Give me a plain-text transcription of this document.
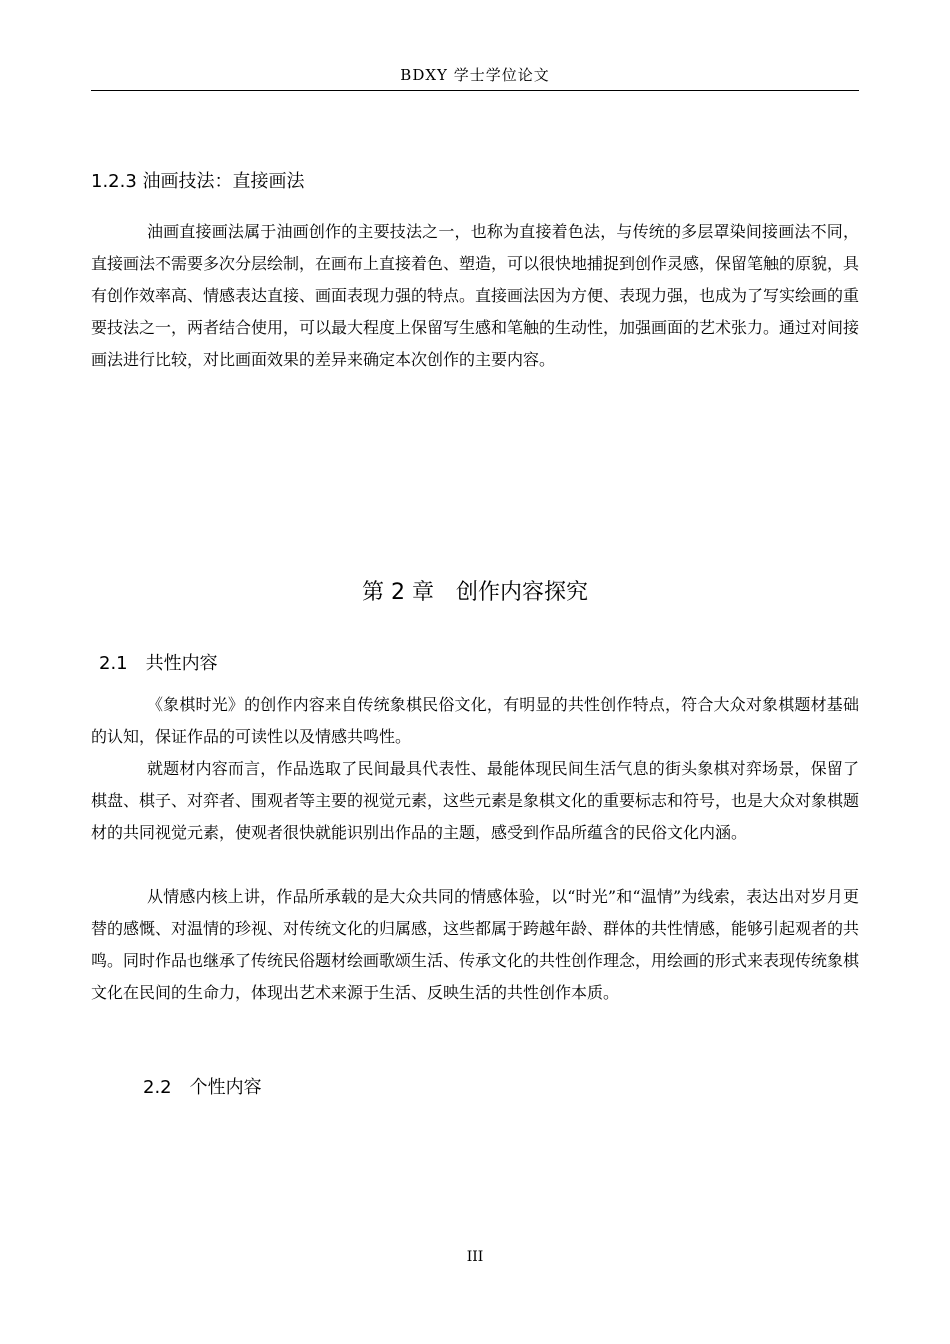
BDXY 学士学位论文
1.2.3 油画技法：直接画法

油画直接画法属于油画创作的主要技法之一，也称为直接着色法，与传统的多层罩染间接画法不同，直接画法不需要多次分层绘制，在画布上直接着色、塑造，可以很快地捕捉到创作灵感，保留笔触的原貌，具有创作效率高、情感表达直接、画面表现力强的特点。直接画法因为方便、表现力强，也成为了写实绘画的重要技法之一，两者结合使用，可以最大程度上保留写生感和笔触的生动性，加强画面的艺术张力。通过对间接画法进行比较，对比画面效果的差异来确定本次创作的主要内容。

第 2 章　创作内容探究
2.1　共性内容

《象棋时光》的创作内容来自传统象棋民俗文化，有明显的共性创作特点，符合大众对象棋题材基础的认知，保证作品的可读性以及情感共鸣性。

就题材内容而言，作品选取了民间最具代表性、最能体现民间生活气息的街头象棋对弈场景，保留了棋盘、棋子、对弈者、围观者等主要的视觉元素，这些元素是象棋文化的重要标志和符号，也是大众对象棋题材的共同视觉元素，使观者很快就能识别出作品的主题，感受到作品所蕴含的民俗文化内涵。

从情感内核上讲，作品所承载的是大众共同的情感体验，以“时光”和“温情”为线索，表达出对岁月更替的感慨、对温情的珍视、对传统文化的归属感，这些都属于跨越年龄、群体的共性情感，能够引起观者的共鸣。同时作品也继承了传统民俗题材绘画歌颂生活、传承文化的共性创作理念，用绘画的形式来表现传统象棋文化在民间的生命力，体现出艺术来源于生活、反映生活的共性创作本质。

2.2　个性内容
III
